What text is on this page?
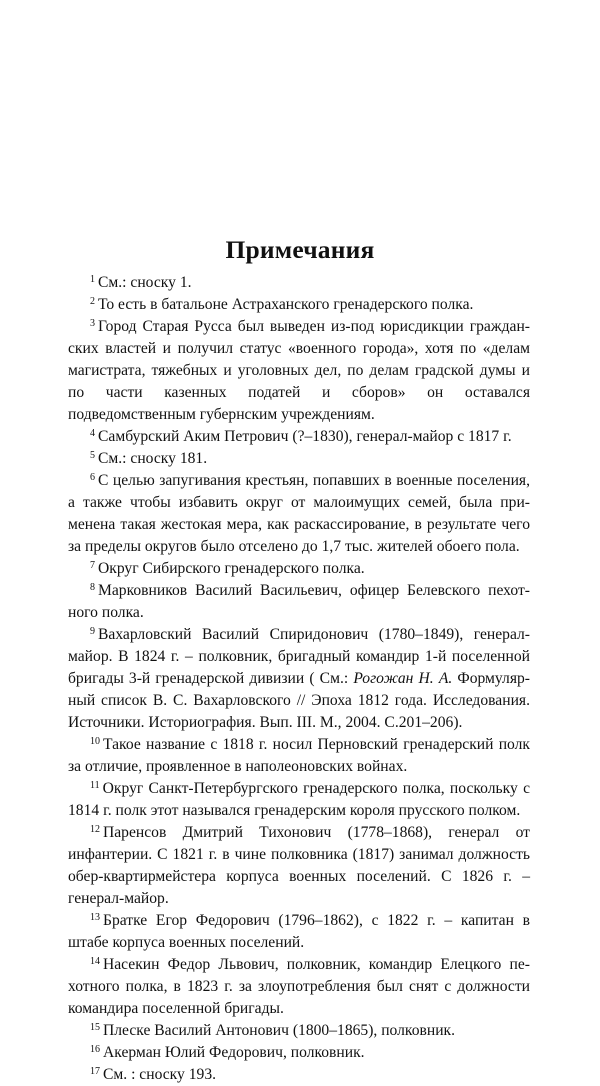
Примечания

$^1$ См.: сноску 1.

$^2$ То есть в батальоне Астраханского гренадерского полка.

$^3$ Город Старая Русса был выведен из-под юрисдикции гражданских властей и получил статус «военного города», хотя по «делам магистрата, тяжебных и уголовных дел, по делам градской думы и по части казенных податей и сборов» он оставался подведомственным губернским учреждениям.

$^4$ Самбурский Аким Петрович (?–1830), генерал-майор с 1817 г.

$^5$ См.: сноску 181.

$^6$ С целью запугивания крестьян, попавших в военные поселения, а также чтобы избавить округ от малоимущих семей, была применена такая жестокая мера, как раскассирование, в результате чего за пределы округов было отселено до 1,7 тыс. жителей обоего пола.

$^7$ Округ Сибирского гренадерского полка.

$^8$ Марковников Василий Васильевич, офицер Белевского пехотного полка.

$^9$ Вахарловский Василий Спиридонович (1780–1849), генерал-майор. В 1824 г. – полковник, бригадный командир 1-й поселенной бригады 3-й гренадерской дивизии ( См.: Рогожан Н. А. Формулярный список В. С. Вахарловского // Эпоха 1812 года. Исследования. Источники. Историография. Вып. III. М., 2004. С.201–206).

$^{10}$ Такое название с 1818 г. носил Перновский гренадерский полк за отличие, проявленное в наполеоновских войнах.

$^{11}$ Округ Санкт-Петербургского гренадерского полка, поскольку с 1814 г. полк этот назывался гренадерским короля прусского полком.

$^{12}$ Паренсов Дмитрий Тихонович (1778–1868), генерал от инфантерии. С 1821 г. в чине полковника (1817) занимал должность обер-квартирмейстера корпуса военных поселений. С 1826 г. – генерал-майор.

$^{13}$ Братке Егор Федорович (1796–1862), с 1822 г. – капитан в штабе корпуса военных поселений.

$^{14}$ Насекин Федор Львович, полковник, командир Елецкого пехотного полка, в 1823 г. за злоупотребления был снят с должности командира поселенной бригады.

$^{15}$ Плеске Василий Антонович (1800–1865), полковник.

$^{16}$ Акерман Юлий Федорович, полковник.

$^{17}$ См. : сноску 193.
